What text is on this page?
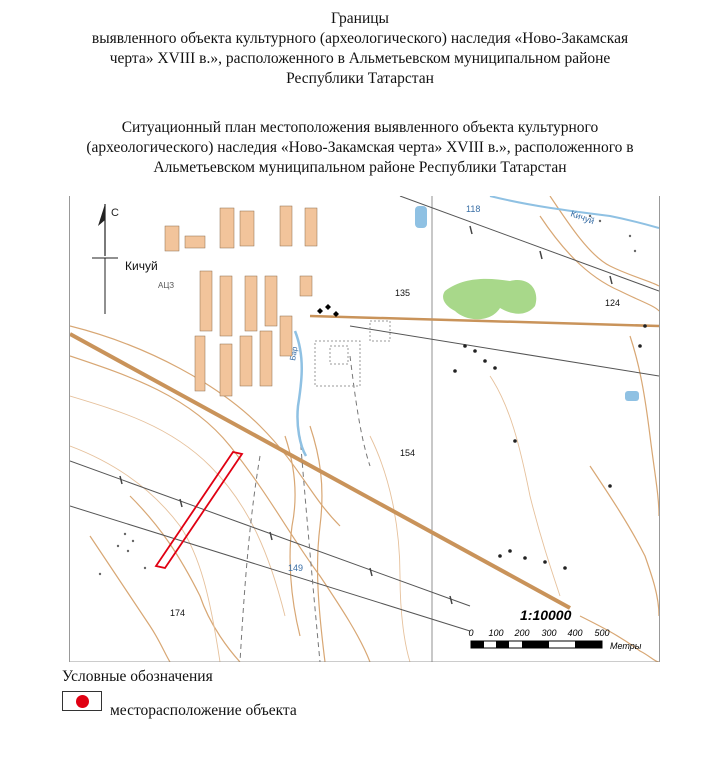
Границы
выявленного объекта культурного (археологического) наследия «Ново-Закамская
черта» XVIII в.», расположенного в Альметьевском муниципальном районе
Республики Татарстан
Ситуационный план местоположения выявленного объекта культурного
(археологического) наследия «Ново-Закамская черта» XVIII в.», расположенного в
Альметьевском муниципальном районе Республики Татарстан
С
Кичуй
АЦЗ
Кичуй
Бар
118
135
124
154
149
174	1:10000
0 100 200 300 400 500
Метры
Условные обозначения
месторасположение объекта
